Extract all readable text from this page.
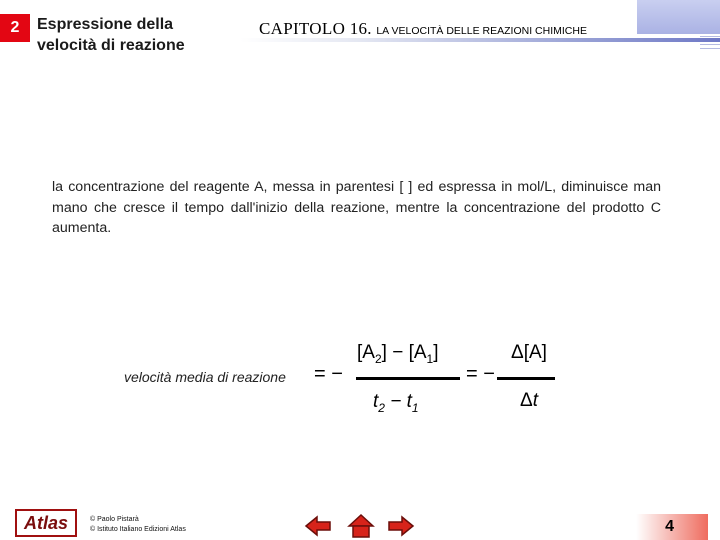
2	Espressione della velocità di reazione
CAPITOLO 16. LA VELOCITÀ DELLE REAZIONI CHIMICHE
la concentrazione del reagente A, messa in parentesi [ ] ed espressa in mol/L, diminuisce man mano che cresce il tempo dall'inizio della reazione, mentre la concentrazione del prodotto C aumenta.
velocità media di reazione = −
$[A_2] - [A_1]$
$t_2 - t_1$
= −
Δ[A]
Δt
Atlas	© Paolo Pistarà
© Istituto Italiano Edizioni Atlas	4
